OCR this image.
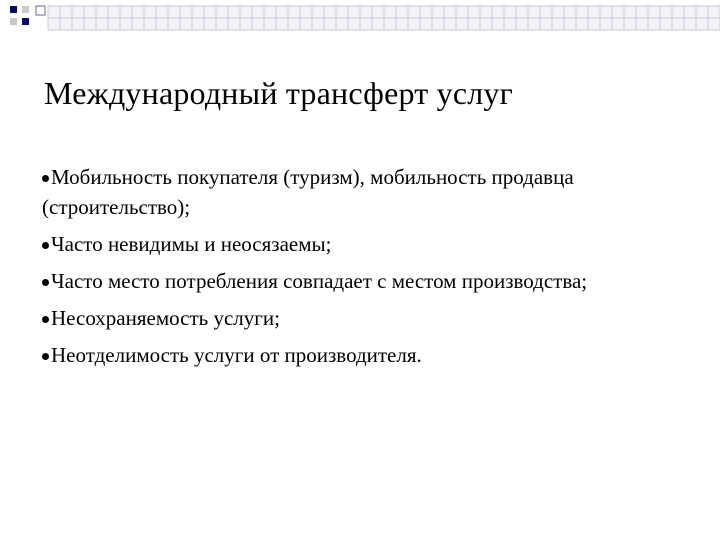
Международный трансферт услуг
Мобильность покупателя (туризм), мобильность продавца (строительство);
Часто невидимы и неосязаемы;
Часто место потребления совпадает с местом производства;
Несохраняемость услуги;
Неотделимость услуги от производителя.
